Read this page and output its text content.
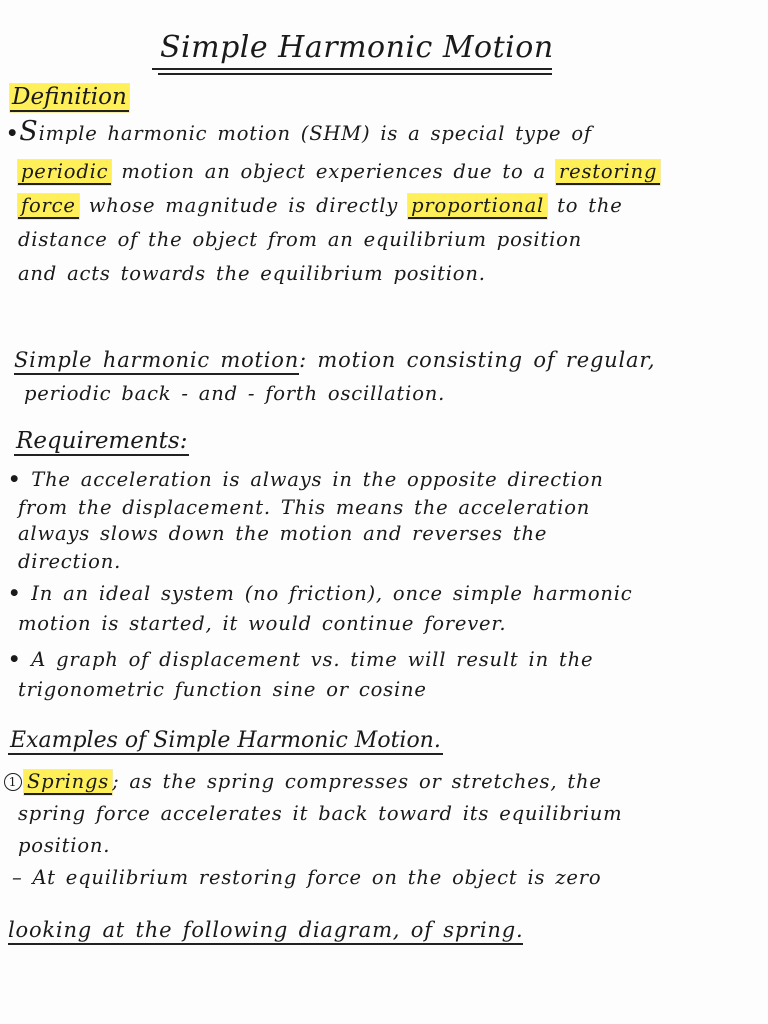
Simple Harmonic Motion
Definition
•Simple harmonic motion (SHM) is a special type of
periodic motion an object experiences due to a restoring
force whose magnitude is directly proportional to the
distance of the object from an equilibrium position
and acts towards the equilibrium position.
Simple harmonic motion: motion consisting of regular,
periodic back - and - forth oscillation.
Requirements:
• The acceleration is always in the opposite direction
from the displacement. This means the acceleration
always slows down the motion and reverses the
direction.
• In an ideal system (no friction), once simple harmonic
motion is started, it would continue forever.
• A graph of displacement vs. time will result in the
trigonometric function sine or cosine
Examples of Simple Harmonic Motion.
1 Springs ; as the spring compresses or stretches, the
spring force accelerates it back toward its equilibrium
position.
– At equilibrium restoring force on the object is zero
looking at the following diagram, of spring.
